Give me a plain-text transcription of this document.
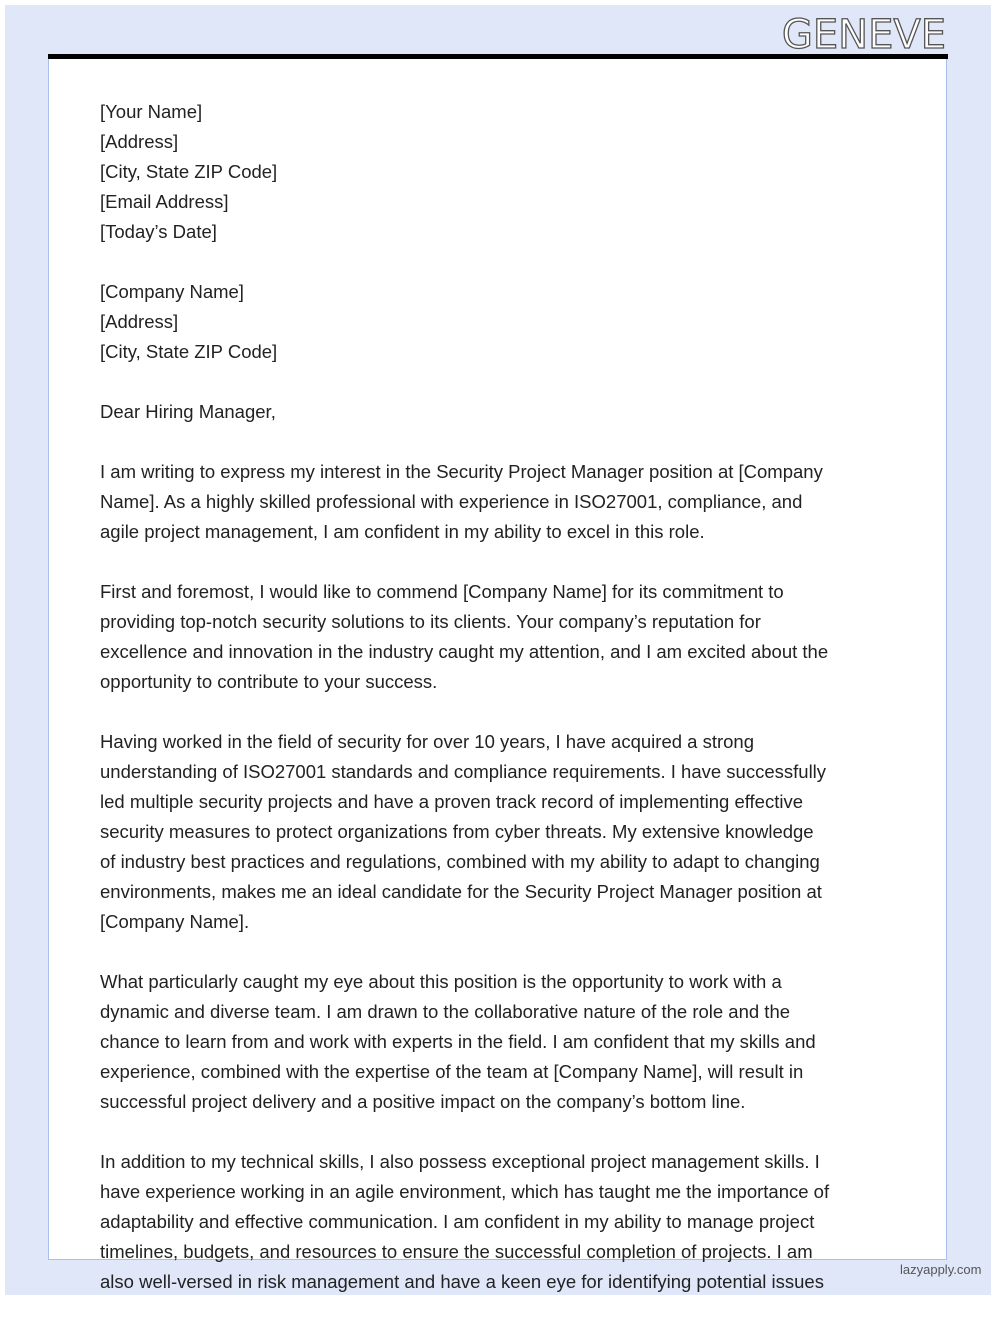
GENEVE
[Your Name]
[Address]
[City, State ZIP Code]
[Email Address]
[Today’s Date]
[Company Name]
[Address]
[City, State ZIP Code]
Dear Hiring Manager,
I am writing to express my interest in the Security Project Manager position at [Company
Name]. As a highly skilled professional with experience in ISO27001, compliance, and
agile project management, I am confident in my ability to excel in this role.
First and foremost, I would like to commend [Company Name] for its commitment to
providing top-notch security solutions to its clients. Your company’s reputation for
excellence and innovation in the industry caught my attention, and I am excited about the
opportunity to contribute to your success.
Having worked in the field of security for over 10 years, I have acquired a strong
understanding of ISO27001 standards and compliance requirements. I have successfully
led multiple security projects and have a proven track record of implementing effective
security measures to protect organizations from cyber threats. My extensive knowledge
of industry best practices and regulations, combined with my ability to adapt to changing
environments, makes me an ideal candidate for the Security Project Manager position at
[Company Name].
What particularly caught my eye about this position is the opportunity to work with a
dynamic and diverse team. I am drawn to the collaborative nature of the role and the
chance to learn from and work with experts in the field. I am confident that my skills and
experience, combined with the expertise of the team at [Company Name], will result in
successful project delivery and a positive impact on the company’s bottom line.
In addition to my technical skills, I also possess exceptional project management skills. I
have experience working in an agile environment, which has taught me the importance of
adaptability and effective communication. I am confident in my ability to manage project
timelines, budgets, and resources to ensure the successful completion of projects. I am
also well-versed in risk management and have a keen eye for identifying potential issues
lazyapply.com
